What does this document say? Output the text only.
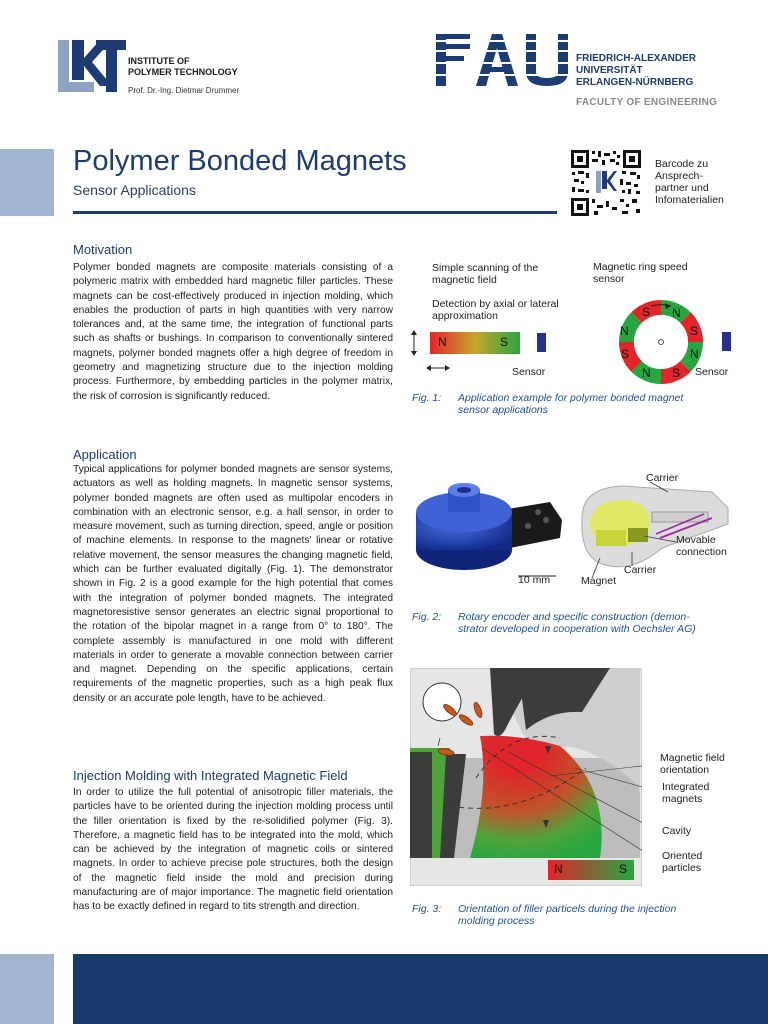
INSTITUTE OF
POLYMER TECHNOLOGY
Prof. Dr.-Ing. Dietmar Drummer
FRIEDRICH-ALEXANDER
UNIVERSITÄT
ERLANGEN-NÜRNBERG
FACULTY OF ENGINEERING
Polymer Bonded Magnets
Sensor Applications
Barcode zu
Ansprech-
partner und
Infomaterialien
Motivation
Polymer bonded magnets are composite materials consisting of a polymeric matrix with embedded hard magnetic filler particles. These magnets can be cost-effectively produced in injection molding, which enables the production of parts in high quantities with very narrow tolerances and, at the same time, the integration of functional parts such as shafts or bushings. In comparison to conventionally sintered magnets, polymer bonded magnets offer a high degree of freedom in geometry and magnetizing structure due to the injection molding process. Furthermore, by embedding particles in the polymer matrix, the risk of corrosion is significantly reduced.
Application
Typical applications for polymer bonded magnets are sensor systems, actuators as well as holding magnets. In magnetic sensor systems, polymer bonded magnets are often used as multipolar encoders in combination with an electronic sensor, e.g. a hall sensor, in order to measure movement, such as turning direction, speed, angle or position of machine elements. In response to the magnets' linear or rotative relative movement, the sensor measures the changing magnetic field, which can be further evaluated digitally (Fig. 1). The demonstrator shown in Fig. 2 is a good example for the high potential that comes with the integration of polymer bonded magnets. The integrated magnetoresistive sensor generates an electric signal proportional to the rotation of the bipolar magnet in a range from 0° to 180°. The complete assembly is manufactured in one mold with different materials in order to generate a movable connection between carrier and magnet. Depending on the specific applications, certain requirements of the magnetic properties, such as a high peak flux density or an accurate pole length, have to be achieved.
Injection Molding with Integrated Magnetic Field
In order to utilize the full potential of anisotropic filler materials, the particles have to be oriented during the injection molding process until the filler orientation is fixed by the re-solidified polymer (Fig. 3). Therefore, a magnetic field has to be integrated into the mold, which can be achieved by the integration of magnetic coils or sintered magnets. In order to achieve precise pole structures, both the design of the magnetic field inside the mold and precision during manufacturing are of major importance. The magnetic field orientation has to be exactly defined in regard to tits strength and direction.
Simple scanning of the
magnetic field
Detection by axial or lateral
approximation
Magnetic ring speed
sensor
N	S
Sensor
S N
N	S
S	N
N S Sensor
Fig. 1: Application example for polymer bonded magnet
sensor applications
10 mm
Carrier
Movable
connection
Carrier
Magnet
Fig. 2: Rotary encoder and specific construction (demon-
strator developed in cooperation with Oechsler AG)
N	S
Magnetic field
orientation
Integrated
magnets
Cavity
Oriented
particles
Fig. 3: Orientation of filler particels during the injection
molding process
